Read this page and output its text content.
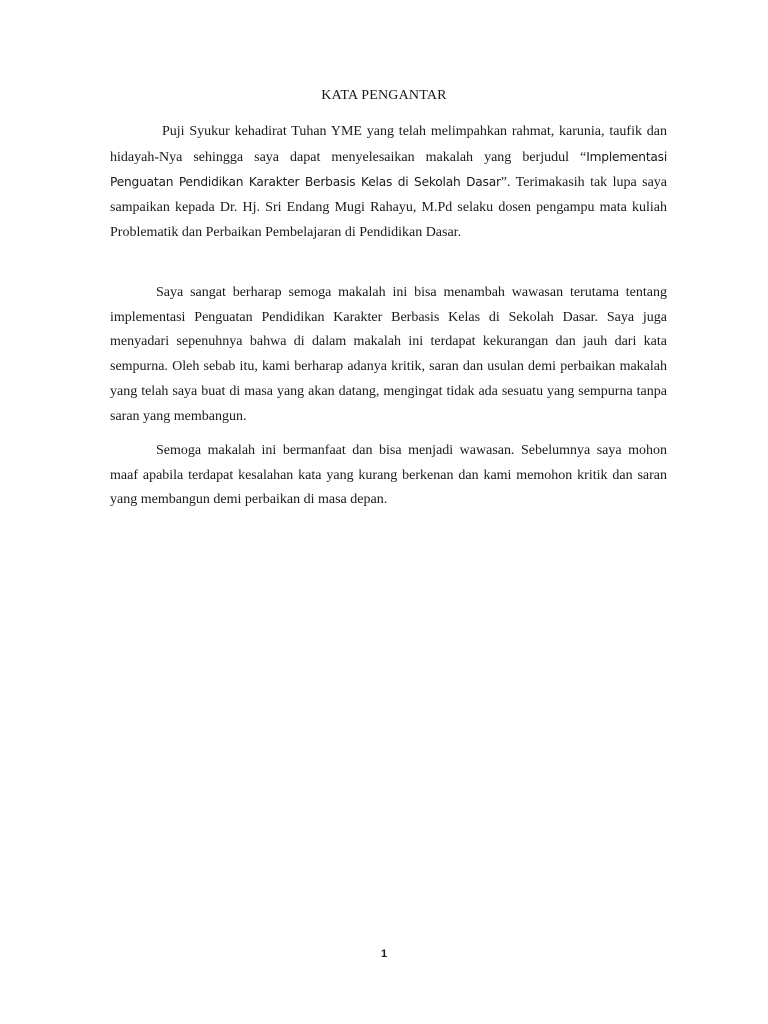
KATA PENGANTAR

Puji Syukur kehadirat Tuhan YME yang telah melimpahkan rahmat, karunia, taufik dan hidayah-Nya sehingga saya dapat menyelesaikan makalah yang berjudul “Implementasi Penguatan Pendidikan Karakter Berbasis Kelas di Sekolah Dasar”. Terimakasih tak lupa saya sampaikan kepada Dr. Hj. Sri Endang Mugi Rahayu, M.Pd selaku dosen pengampu mata kuliah Problematik dan Perbaikan Pembelajaran di Pendidikan Dasar.

Saya sangat berharap semoga makalah ini bisa menambah wawasan terutama tentang implementasi Penguatan Pendidikan Karakter Berbasis Kelas di Sekolah Dasar. Saya juga menyadari sepenuhnya bahwa di dalam makalah ini terdapat kekurangan dan jauh dari kata sempurna. Oleh sebab itu, kami berharap adanya kritik, saran dan usulan demi perbaikan makalah yang telah saya buat di masa yang akan datang, mengingat tidak ada sesuatu yang sempurna tanpa saran yang membangun.

Semoga makalah ini bermanfaat dan bisa menjadi wawasan. Sebelumnya saya mohon maaf apabila terdapat kesalahan kata yang kurang berkenan dan kami memohon kritik dan saran yang membangun demi perbaikan di masa depan.

1
